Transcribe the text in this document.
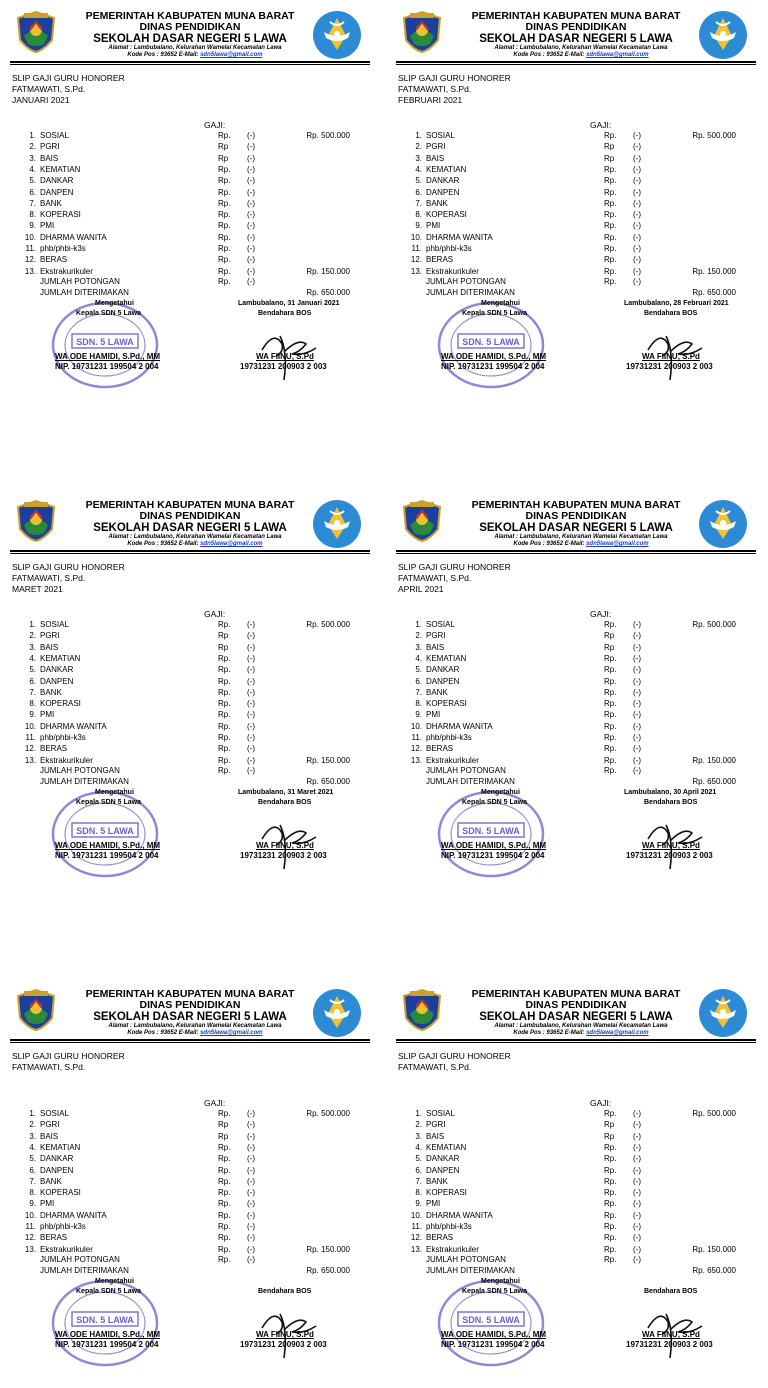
PEMERINTAH KABUPATEN MUNA BARAT
DINAS PENDIDIKAN
SEKOLAH DASAR NEGERI 5 LAWA
Alamat : Lambubalano, Kelurahan Wamelai Kecamatan Lawa
Kode Pos : 93652 E-Mail: sdn5lawa@gmail.com
SLIP GAJI GURU HONORER
FATMAWATI, S.Pd.
JANUARI 2021
GAJI:
1. SOSIAL	Rp. (-)	Rp. 500.000
2. PGRI	Rp (-)
3. BAIS	Rp (-)
4. KEMATIAN	Rp. (-)
5. DANKAR	Rp. (-)
6. DANPEN	Rp. (-)
7. BANK	Rp. (-)
8. KOPERASI	Rp. (-)
9. PMI	Rp. (-)
10. DHARMA WANITA	Rp. (-)
11. phb/phbi-k3s	Rp. (-)
12. BERAS	Rp. (-)
13. Ekstrakurikuler	Rp. (-)	Rp. 150.000
JUMLAH POTONGAN	Rp. (-)
JUMLAH DITERIMAKAN	Rp. 650.000
SDN. 5 LAWA
Mengetahui
Kepala SDN 5 Lawa
Lambubalano, 31 Januari 2021
Bendahara BOS
WA ODE HAMIDI, S.Pd., MM
NIP. 19731231 199504 2 004
WA FIINU, S.Pd
19731231 200903 2 003
PEMERINTAH KABUPATEN MUNA BARAT
DINAS PENDIDIKAN
SEKOLAH DASAR NEGERI 5 LAWA
Alamat : Lambubalano, Kelurahan Wamelai Kecamatan Lawa
Kode Pos : 93652 E-Mail: sdn5lawa@gmail.com
SLIP GAJI GURU HONORER
FATMAWATI, S.Pd.
FEBRUARI 2021
GAJI:
1. SOSIAL	Rp. (-)	Rp. 500.000
2. PGRI	Rp (-)
3. BAIS	Rp (-)
4. KEMATIAN	Rp. (-)
5. DANKAR	Rp. (-)
6. DANPEN	Rp. (-)
7. BANK	Rp. (-)
8. KOPERASI	Rp. (-)
9. PMI	Rp. (-)
10. DHARMA WANITA	Rp. (-)
11. phb/phbi-k3s	Rp. (-)
12. BERAS	Rp. (-)
13. Ekstrakurikuler	Rp. (-)	Rp. 150.000
JUMLAH POTONGAN	Rp. (-)
JUMLAH DITERIMAKAN	Rp. 650.000
SDN. 5 LAWA
Mengetahui
Kepala SDN 5 Lawa
Lambubalano, 28 Februari 2021
Bendahara BOS
WA ODE HAMIDI, S.Pd., MM
NIP. 19731231 199504 2 004
WA FIINU, S.Pd
19731231 200903 2 003
PEMERINTAH KABUPATEN MUNA BARAT
DINAS PENDIDIKAN
SEKOLAH DASAR NEGERI 5 LAWA
Alamat : Lambubalano, Kelurahan Wamelai Kecamatan Lawa
Kode Pos : 93652 E-Mail: sdn5lawa@gmail.com
SLIP GAJI GURU HONORER
FATMAWATI, S.Pd.
MARET 2021
GAJI:
1. SOSIAL	Rp. (-)	Rp. 500.000
2. PGRI	Rp (-)
3. BAIS	Rp (-)
4. KEMATIAN	Rp. (-)
5. DANKAR	Rp. (-)
6. DANPEN	Rp. (-)
7. BANK	Rp. (-)
8. KOPERASI	Rp. (-)
9. PMI	Rp. (-)
10. DHARMA WANITA	Rp. (-)
11. phb/phbi-k3s	Rp. (-)
12. BERAS	Rp. (-)
13. Ekstrakurikuler	Rp. (-)	Rp. 150.000
JUMLAH POTONGAN	Rp. (-)
JUMLAH DITERIMAKAN	Rp. 650.000
SDN. 5 LAWA
Mengetahui
Kepala SDN 5 Lawa
Lambubalano, 31 Maret 2021
Bendahara BOS
WA ODE HAMIDI, S.Pd., MM
NIP. 19731231 199504 2 004
WA FIINU, S.Pd
19731231 200903 2 003
PEMERINTAH KABUPATEN MUNA BARAT
DINAS PENDIDIKAN
SEKOLAH DASAR NEGERI 5 LAWA
Alamat : Lambubalano, Kelurahan Wamelai Kecamatan Lawa
Kode Pos : 93652 E-Mail: sdn5lawa@gmail.com
SLIP GAJI GURU HONORER
FATMAWATI, S.Pd.
APRIL 2021
GAJI:
1. SOSIAL	Rp. (-)	Rp. 500.000
2. PGRI	Rp (-)
3. BAIS	Rp (-)
4. KEMATIAN	Rp. (-)
5. DANKAR	Rp. (-)
6. DANPEN	Rp. (-)
7. BANK	Rp. (-)
8. KOPERASI	Rp. (-)
9. PMI	Rp. (-)
10. DHARMA WANITA	Rp. (-)
11. phb/phbi-k3s	Rp. (-)
12. BERAS	Rp. (-)
13. Ekstrakurikuler	Rp. (-)	Rp. 150.000
JUMLAH POTONGAN	Rp. (-)
JUMLAH DITERIMAKAN	Rp. 650.000
SDN. 5 LAWA
Mengetahui
Kepala SDN 5 Lawa
Lambubalano, 30 April 2021
Bendahara BOS
WA ODE HAMIDI, S.Pd., MM
NIP. 19731231 199504 2 004
WA FIINU, S.Pd
19731231 200903 2 003
PEMERINTAH KABUPATEN MUNA BARAT
DINAS PENDIDIKAN
SEKOLAH DASAR NEGERI 5 LAWA
Alamat : Lambubalano, Kelurahan Wamelai Kecamatan Lawa
Kode Pos : 93652 E-Mail: sdn5lawa@gmail.com
SLIP GAJI GURU HONORER
FATMAWATI, S.Pd.
GAJI:
1. SOSIAL	Rp. (-)	Rp. 500.000
2. PGRI	Rp (-)
3. BAIS	Rp (-)
4. KEMATIAN	Rp. (-)
5. DANKAR	Rp. (-)
6. DANPEN	Rp. (-)
7. BANK	Rp. (-)
8. KOPERASI	Rp. (-)
9. PMI	Rp. (-)
10. DHARMA WANITA	Rp. (-)
11. phb/phbi-k3s	Rp. (-)
12. BERAS	Rp. (-)
13. Ekstrakurikuler	Rp. (-)	Rp. 150.000
JUMLAH POTONGAN	Rp. (-)
JUMLAH DITERIMAKAN	Rp. 650.000
SDN. 5 LAWA
Mengetahui
Kepala SDN 5 Lawa	Bendahara BOS
WA ODE HAMIDI, S.Pd., MM
NIP. 19731231 199504 2 004
WA FIINU, S.Pd
19731231 200903 2 003
PEMERINTAH KABUPATEN MUNA BARAT
DINAS PENDIDIKAN
SEKOLAH DASAR NEGERI 5 LAWA
Alamat : Lambubalano, Kelurahan Wamelai Kecamatan Lawa
Kode Pos : 93652 E-Mail: sdn5lawa@gmail.com
SLIP GAJI GURU HONORER
FATMAWATI, S.Pd.
GAJI:
1. SOSIAL	Rp. (-)	Rp. 500.000
2. PGRI	Rp (-)
3. BAIS	Rp (-)
4. KEMATIAN	Rp. (-)
5. DANKAR	Rp. (-)
6. DANPEN	Rp. (-)
7. BANK	Rp. (-)
8. KOPERASI	Rp. (-)
9. PMI	Rp. (-)
10. DHARMA WANITA	Rp. (-)
11. phb/phbi-k3s	Rp. (-)
12. BERAS	Rp. (-)
13. Ekstrakurikuler	Rp. (-)	Rp. 150.000
JUMLAH POTONGAN	Rp. (-)
JUMLAH DITERIMAKAN	Rp. 650.000
SDN. 5 LAWA
Mengetahui
Kepala SDN 5 Lawa	Bendahara BOS
WA ODE HAMIDI, S.Pd., MM
NIP. 19731231 199504 2 004
WA FIINU, S.Pd
19731231 200903 2 003
